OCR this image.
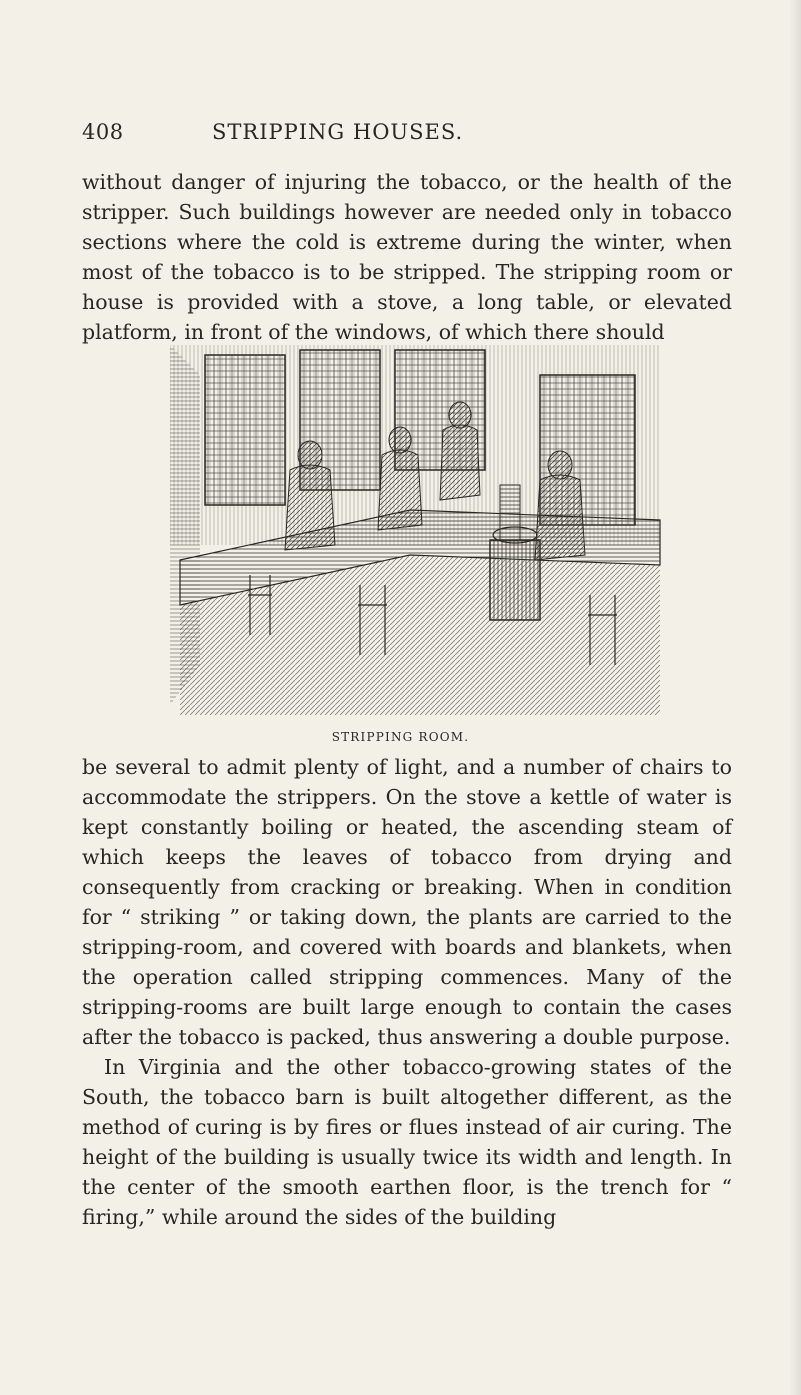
408	STRIPPING HOUSES.

without danger of injuring the tobacco, or the health of the stripper. Such buildings however are needed only in tobacco sections where the cold is extreme during the winter, when most of the tobacco is to be stripped. The stripping room or house is provided with a stove, a long table, or elevated platform, in front of the windows, of which there should

STRIPPING ROOM.

be several to admit plenty of light, and a number of chairs to accommodate the strippers. On the stove a kettle of water is kept constantly boiling or heated, the ascending steam of which keeps the leaves of tobacco from drying and consequently from cracking or breaking. When in condition for “ striking ” or taking down, the plants are carried to the stripping-room, and covered with boards and blankets, when the operation called stripping commences. Many of the stripping-rooms are built large enough to contain the cases after the tobacco is packed, thus answering a double purpose.

In Virginia and the other tobacco-growing states of the South, the tobacco barn is built altogether different, as the method of curing is by fires or flues instead of air curing. The height of the building is usually twice its width and length. In the center of the smooth earthen floor, is the trench for “ firing,” while around the sides of the building
